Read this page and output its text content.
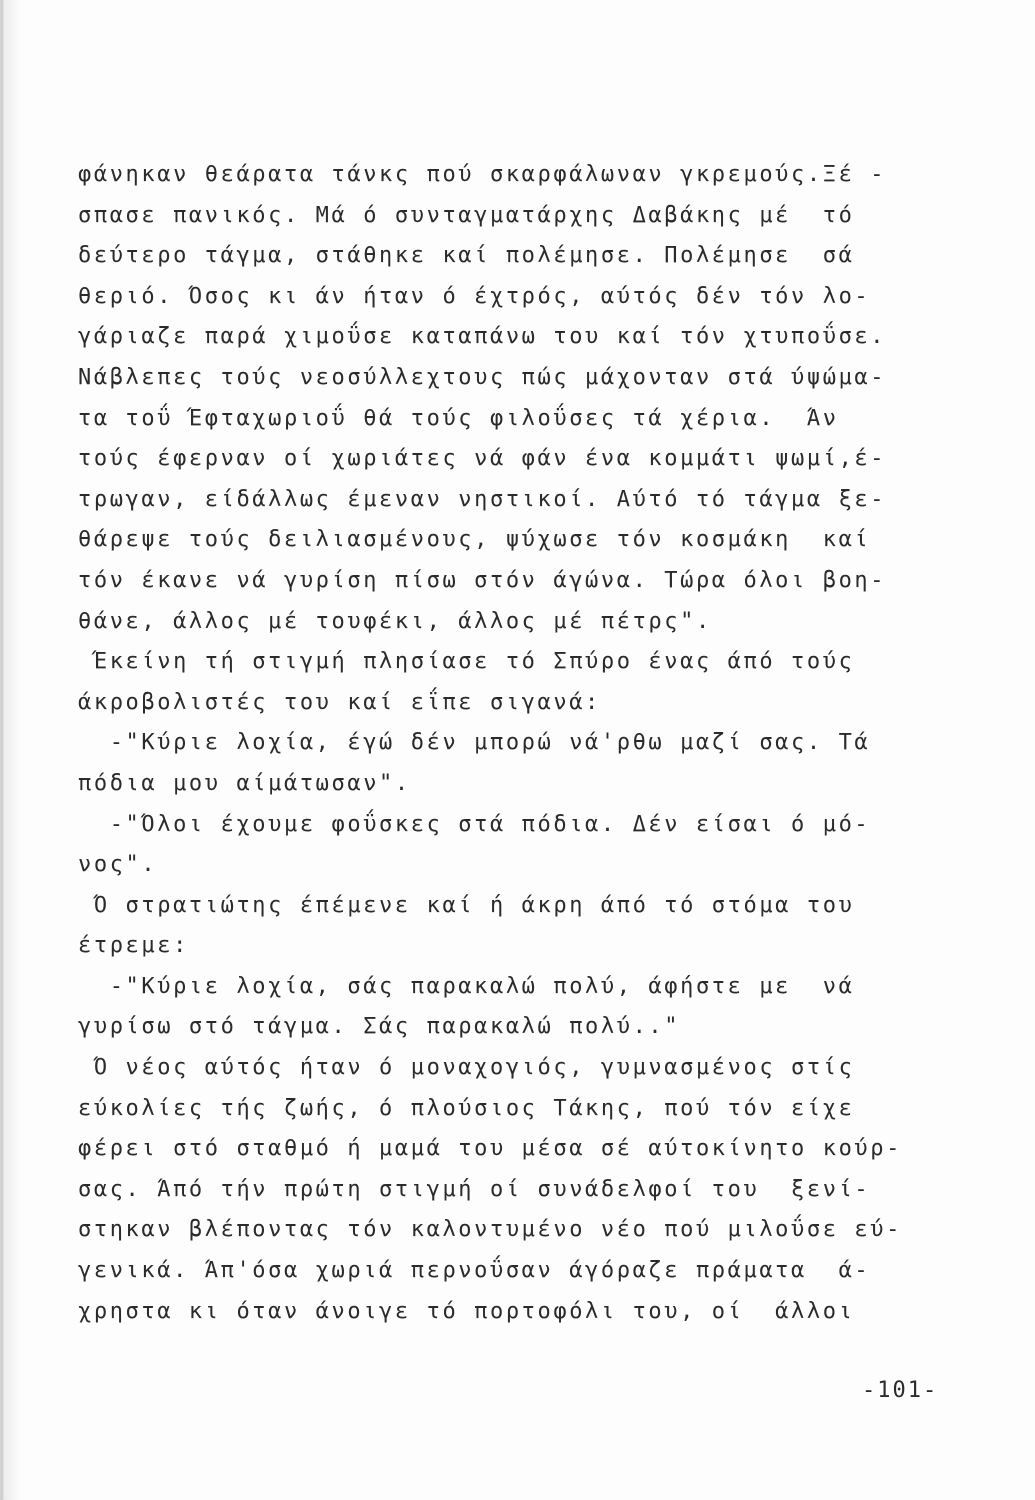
φάνηκαν θεάρατα τάνκς πού σκαρφάλωναν γκρεμούς.Ξέ -
σπασε πανικός. Μά ό συνταγματάρχης Δαβάκης μέ  τό
δεύτερο τάγμα, στάθηκε καί πολέμησε. Πολέμησε  σά
θεριό. Όσος κι άν ήταν ό έχτρός, αύτός δέν τόν λο-
γάριαζε παρά χιμοΰσε καταπάνω του καί τόν χτυποΰσε.
Νάβλεπες τούς νεοσύλλεχτους πώς μάχονταν στά ύψώμα-
τα τοΰ Έφταχωριοΰ θά τούς φιλοΰσες τά χέρια.  Άν
τούς έφερναν οί χωριάτες νά φάν ένα κομμάτι ψωμί,έ-
τρωγαν, είδάλλως έμεναν νηστικοί. Αύτό τό τάγμα ξε-
θάρεψε τούς δειλιασμένους, ψύχωσε τόν κοσμάκη  καί
τόν έκανε νά γυρίση πίσω στόν άγώνα. Τώρα όλοι βοη-
θάνε, άλλος μέ τουφέκι, άλλος μέ πέτρς".
Έκείνη τή στιγμή πλησίασε τό Σπύρο ένας άπό τούς
άκροβολιστές του καί εΐπε σιγανά:
-"Κύριε λοχία, έγώ δέν μπορώ νά'ρθω μαζί σας. Τά
πόδια μου αίμάτωσαν".
-"Όλοι έχουμε φοΰσκες στά πόδια. Δέν είσαι ό μό-
νος".
Ό στρατιώτης έπέμενε καί ή άκρη άπό τό στόμα του
έτρεμε:
-"Κύριε λοχία, σάς παρακαλώ πολύ, άφήστε με  νά
γυρίσω στό τάγμα. Σάς παρακαλώ πολύ.."
Ό νέος αύτός ήταν ό μοναχογιός, γυμνασμένος στίς
εύκολίες τής ζωής, ό πλούσιος Τάκης, πού τόν είχε
φέρει στό σταθμό ή μαμά του μέσα σέ αύτοκίνητο κούρ-
σας. Άπό τήν πρώτη στιγμή οί συνάδελφοί του  ξενί-
στηκαν βλέποντας τόν καλοντυμένο νέο πού μιλοΰσε εύ-
γενικά. Άπ'όσα χωριά περνοΰσαν άγόραζε πράματα  ά-
χρηστα κι όταν άνοιγε τό πορτοφόλι του, οί  άλλοι
-101-
